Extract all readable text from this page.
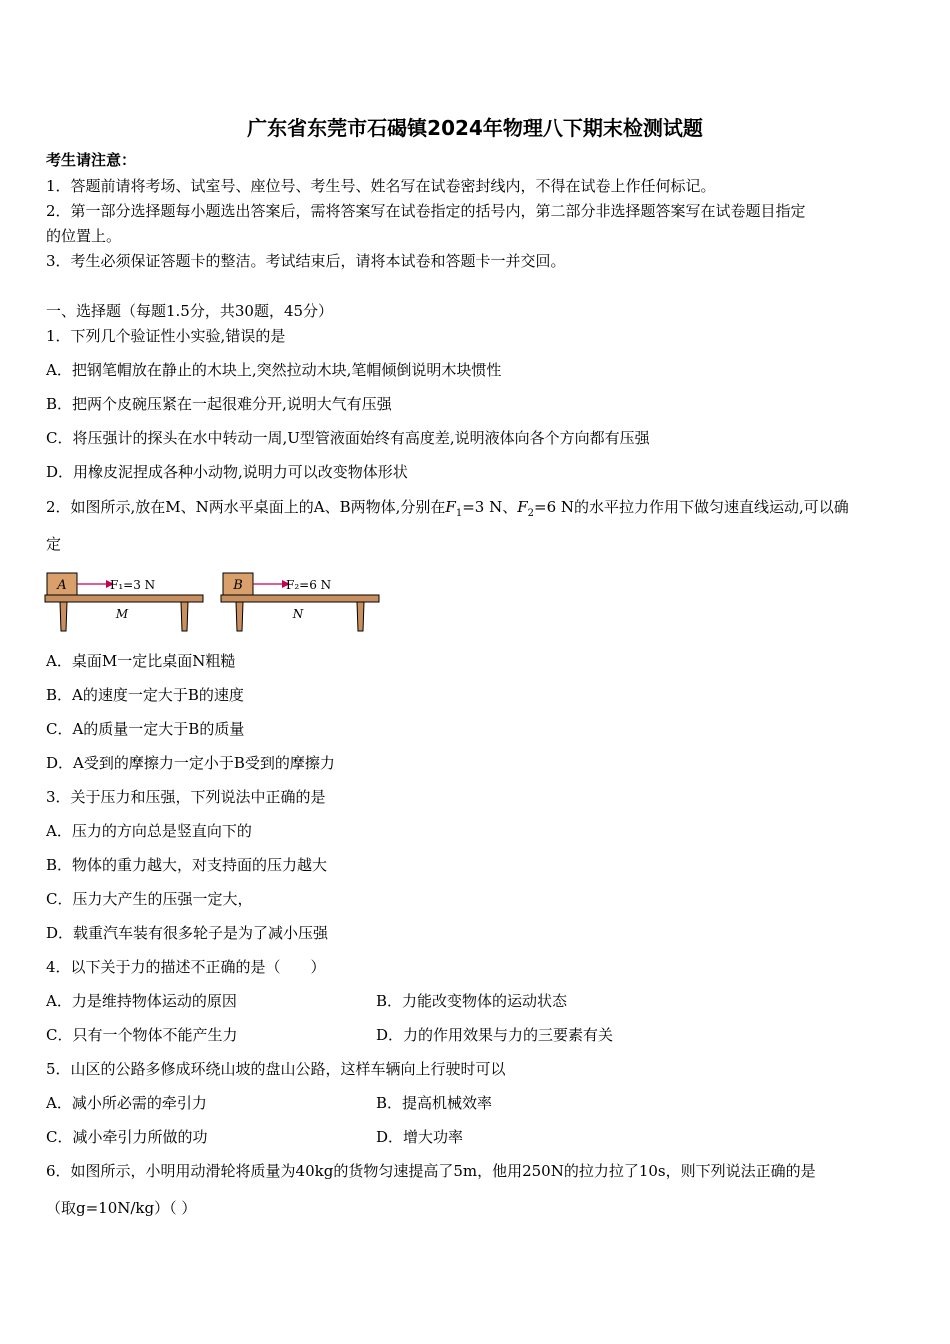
广东省东莞市石碣镇2024年物理八下期末检测试题
考生请注意：
1．答题前请将考场、试室号、座位号、考生号、姓名写在试卷密封线内，不得在试卷上作任何标记。
2．第一部分选择题每小题选出答案后，需将答案写在试卷指定的括号内，第二部分非选择题答案写在试卷题目指定
的位置上。
3．考生必须保证答题卡的整洁。考试结束后，请将本试卷和答题卡一并交回。
一、选择题（每题1.5分，共30题，45分）
1．下列几个验证性小实验,错误的是
A．把钢笔帽放在静止的木块上,突然拉动木块,笔帽倾倒说明木块惯性
B．把两个皮碗压紧在一起很难分开,说明大气有压强
C．将压强计的探头在水中转动一周,U型管液面始终有高度差,说明液体向各个方向都有压强
D．用橡皮泥捏成各种小动物,说明力可以改变物体形状
2．如图所示,放在M、N两水平桌面上的A、B两物体,分别在$F_1=3$ N、$F_2=6$ N的水平拉力作用下做匀速直线运动,可以确
定
A	F₁=3 N
M
B	F₂=6 N
N
A．桌面M一定比桌面N粗糙
B．A的速度一定大于B的速度
C．A的质量一定大于B的质量
D．A受到的摩擦力一定小于B受到的摩擦力
3．关于压力和压强，下列说法中正确的是
A．压力的方向总是竖直向下的
B．物体的重力越大，对支持面的压力越大
C．压力大产生的压强一定大，
D．载重汽车装有很多轮子是为了减小压强
4．以下关于力的描述不正确的是（　　）
A．力是维持物体运动的原因	B．力能改变物体的运动状态
C．只有一个物体不能产生力	D．力的作用效果与力的三要素有关
5．山区的公路多修成环绕山坡的盘山公路，这样车辆向上行驶时可以
A．减小所必需的牵引力	B．提高机械效率
C．减小牵引力所做的功	D．增大功率
6．如图所示，小明用动滑轮将质量为40kg的货物匀速提高了5m，他用250N的拉力拉了10s，则下列说法正确的是
（取g=10N/kg）（ ）
